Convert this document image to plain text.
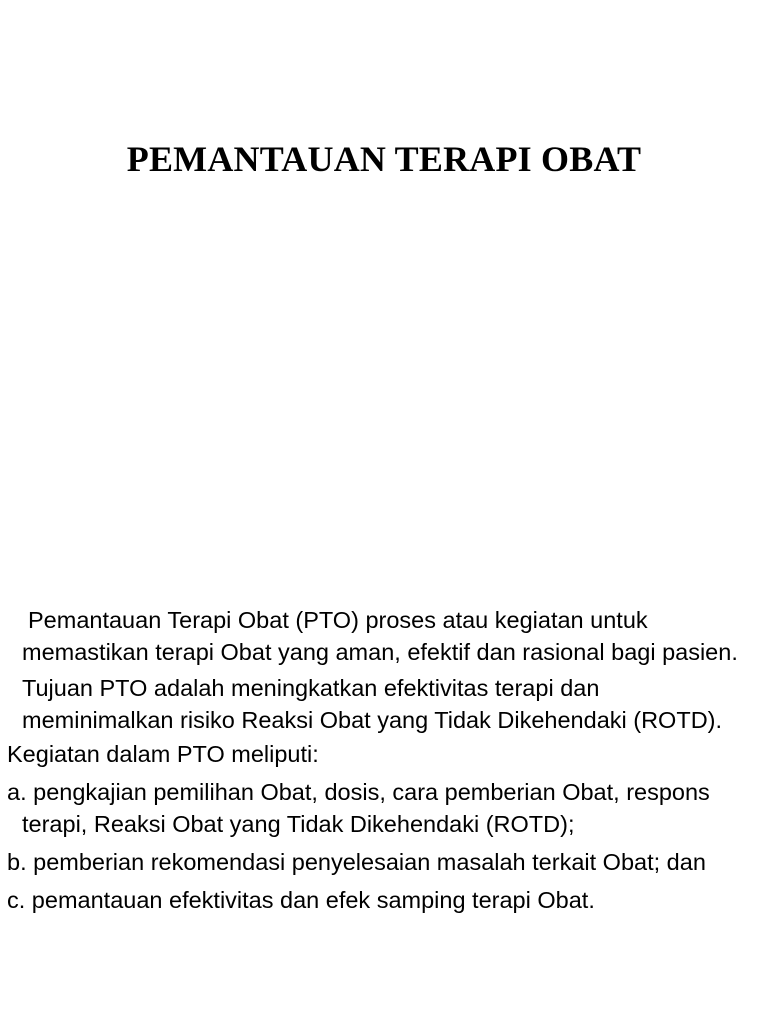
PEMANTAUAN TERAPI OBAT

Pemantauan Terapi Obat (PTO) proses atau kegiatan untuk memastikan terapi Obat yang aman, efektif dan rasional bagi pasien.

Tujuan PTO adalah meningkatkan efektivitas terapi dan meminimalkan risiko Reaksi Obat yang Tidak Dikehendaki (ROTD).

Kegiatan dalam PTO meliputi:

a. pengkajian pemilihan Obat, dosis, cara pemberian Obat, respons terapi, Reaksi Obat yang Tidak Dikehendaki (ROTD);

b. pemberian rekomendasi penyelesaian masalah terkait Obat; dan

c. pemantauan efektivitas dan efek samping terapi Obat.
